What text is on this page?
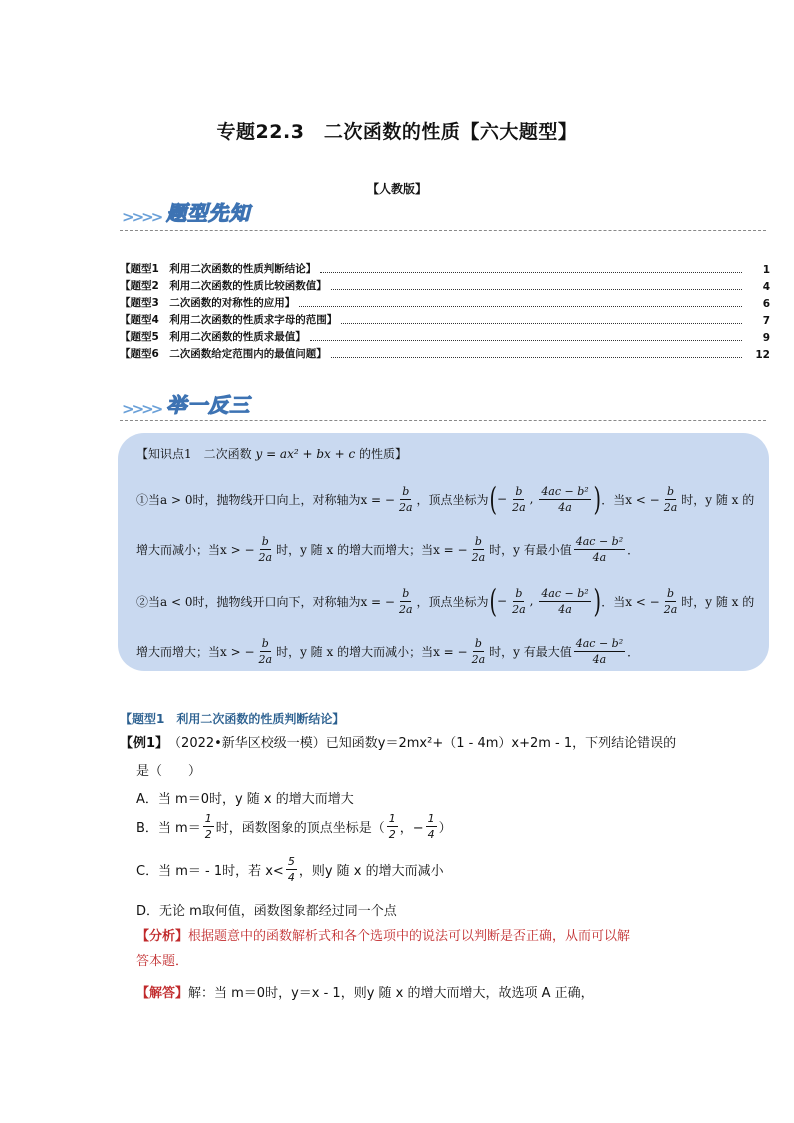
专题22.3　二次函数的性质【六大题型】
【人教版】
>>>> 题型先知
【题型1　利用二次函数的性质判断结论】	1
【题型2　利用二次函数的性质比较函数值】	4
【题型3　二次函数的对称性的应用】	6
【题型4　利用二次函数的性质求字母的范围】	7
【题型5　利用二次函数的性质求最值】	9
【题型6　二次函数给定范围内的最值问题】	12
>>>> 举一反三
【知识点1　二次函数
y = ax² + bx + c
的性质】
①当a > 0时，抛物线开口向上，对称轴为x = − $\frac{b}{2a}$ ，顶点坐标为 ( − $\frac{b}{2a}$ , $\frac{\text{4ac − b²}}{4a}$ ) ．当x < − $\frac{b}{2a}$ 时，y 随 x 的
增大而减小；当x > − $\frac{b}{2a}$ 时，y 随 x 的增大而增大；当x = − $\frac{b}{2a}$ 时，y 有最小值 $\frac{\text{4ac − b²}}{4a}$ ．
②当a < 0时，抛物线开口向下，对称轴为x = − $\frac{b}{2a}$ ，顶点坐标为 ( − $\frac{b}{2a}$ , $\frac{\text{4ac − b²}}{4a}$ ) ．当x < − $\frac{b}{2a}$ 时，y 随 x 的
增大而增大；当x > − $\frac{b}{2a}$ 时，y 随 x 的增大而减小；当x = − $\frac{b}{2a}$ 时，y 有最大值 $\frac{\text{4ac − b²}}{4a}$ ．
【题型1　利用二次函数的性质判断结论】
【例1】 （2022•新华区校级一模）已知函数y＝2mx²+（1 - 4m）x+2m - 1，下列结论错误的
是（　　）
A．当 m＝0时，y 随 x 的增大而增大
B．当 $m= \frac{1}{2}$ 时，函数图象的顶点坐标是（ $\frac{1}{2}$ ，− $\frac{1}{4}$ ）
C．当 m＝ - 1时，若 $x< \frac{5}{4}$ ，则y 随 x 的增大而减小
D．无论 m取何值，函数图象都经过同一个点
【分析】 根据题意中的函数解析式和各个选项中的说法可以判断是否正确，从而可以解
答本题．
【解答】 解：当 m＝0时，y＝x - 1，则y 随 x 的增大而增大，故选项 A 正确，
